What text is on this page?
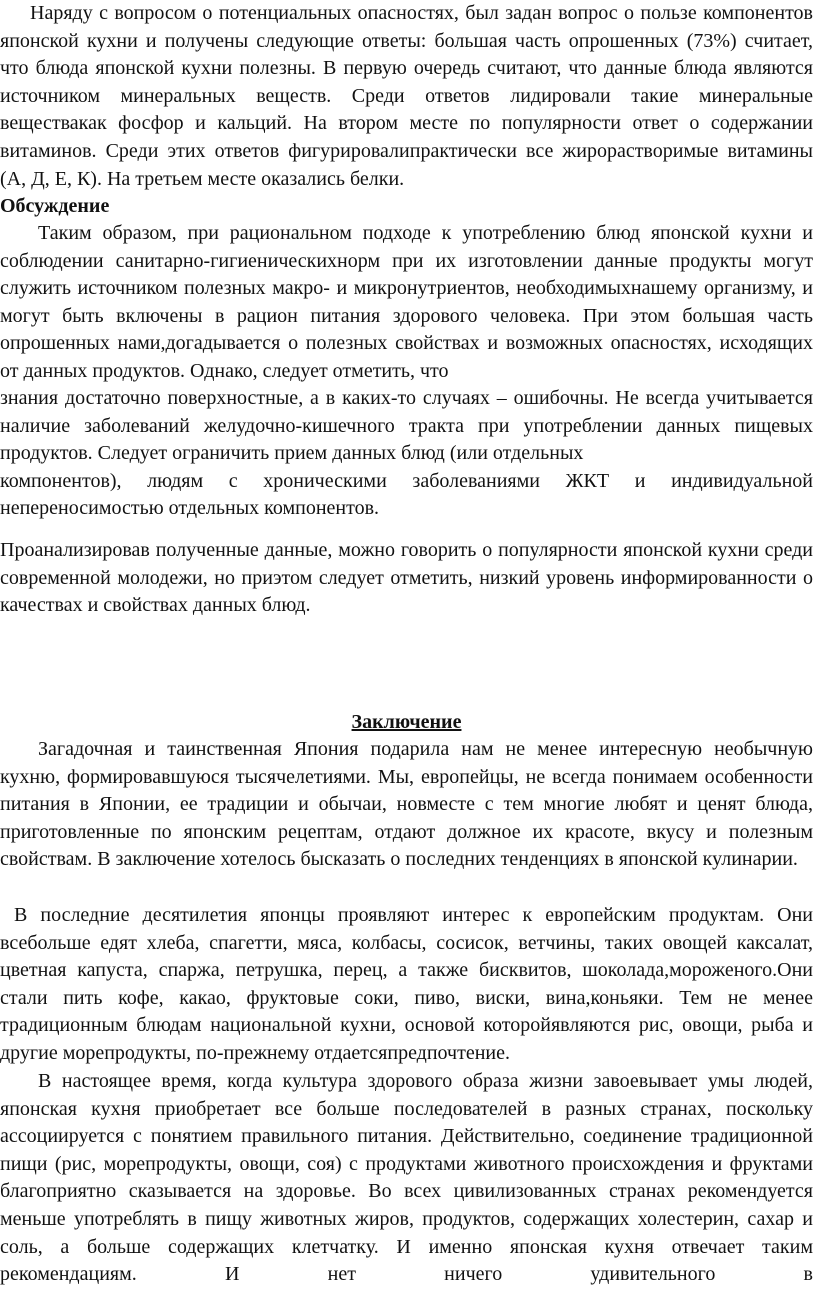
Наряду с вопросом о потенциальных опасностях, был задан вопрос о пользе компонентов японской кухни и получены следующие ответы: большая часть опрошенных (73%) считает, что блюда японской кухни полезны. В первую очередь считают, что данные блюда являются источником минеральных веществ. Среди ответов лидировали такие минеральные веществакак фосфор и кальций. На втором месте по популярности ответ о содержании витаминов. Среди этих ответов фигурировалипрактически все жирорастворимые витамины (А, Д, Е, К). На третьем месте оказались белки.

Обсуждение

Таким образом, при рациональном подходе к употреблению блюд японской кухни и соблюдении санитарно-гигиеническихнорм при их изготовлении данные продукты могут служить источником полезных макро- и микронутриентов, необходимыхнашему организму, и могут быть включены в рацион питания здорового человека. При этом большая часть опрошенных нами,догадывается о полезных свойствах и возможных опасностях, исходящих от данных продуктов. Однако, следует отметить, что

знания достаточно поверхностные, а в каких-то случаях – ошибочны. Не всегда учитывается наличие заболеваний желудочно-кишечного тракта при употреблении данных пищевых продуктов. Следует ограничить прием данных блюд (или отдельных

компонентов), людям с хроническими заболеваниями ЖКТ и индивидуальной непереносимостью отдельных компонентов.

Проанализировав полученные данные, можно говорить о популярности японской кухни среди современной молодежи, но приэтом следует отметить, низкий уровень информированности о качествах и свойствах данных блюд.

Заключение

Загадочная и таинственная Япония подарила нам не менее интересную необычную кухню, формировавшуюся тысячелетиями. Мы, европейцы, не всегда понимаем особенности питания в Японии, ее традиции и обычаи, новместе с тем многие любят и ценят блюда, приготовленные по японским рецептам, отдают должное их красоте, вкусу и полезным свойствам. В заключение хотелось бысказать о последних тенденциях в японской кулинарии.

В последние десятилетия японцы проявляют интерес к европейским продуктам. Они всебольше едят хлеба, спагетти, мяса, колбасы, сосисок, ветчины, таких овощей каксалат, цветная капуста, спаржа, петрушка, перец, а также бисквитов, шоколада,мороженого.Они стали пить кофе, какао, фруктовые соки, пиво, виски, вина,коньяки. Тем не менее традиционным блюдам национальной кухни, основой которойявляются рис, овощи, рыба и другие морепродукты, по-прежнему отдаетсяпредпочтение.

В настоящее время, когда культура здорового образа жизни завоевывает умы людей, японская кухня приобретает все больше последователей в разных странах, поскольку ассоциируется с понятием правильного питания. Действительно, соединение традиционной пищи (рис, морепродукты, овощи, соя) с продуктами животного происхождения и фруктами благоприятно сказывается на здоровье. Во всех цивилизованных странах рекомендуется меньше употреблять в пищу животных жиров, продуктов, содержащих холестерин, сахар и соль, а больше содержащих клетчатку. И именно японская кухня отвечает таким рекомендациям. И нет ничего удивительного в
